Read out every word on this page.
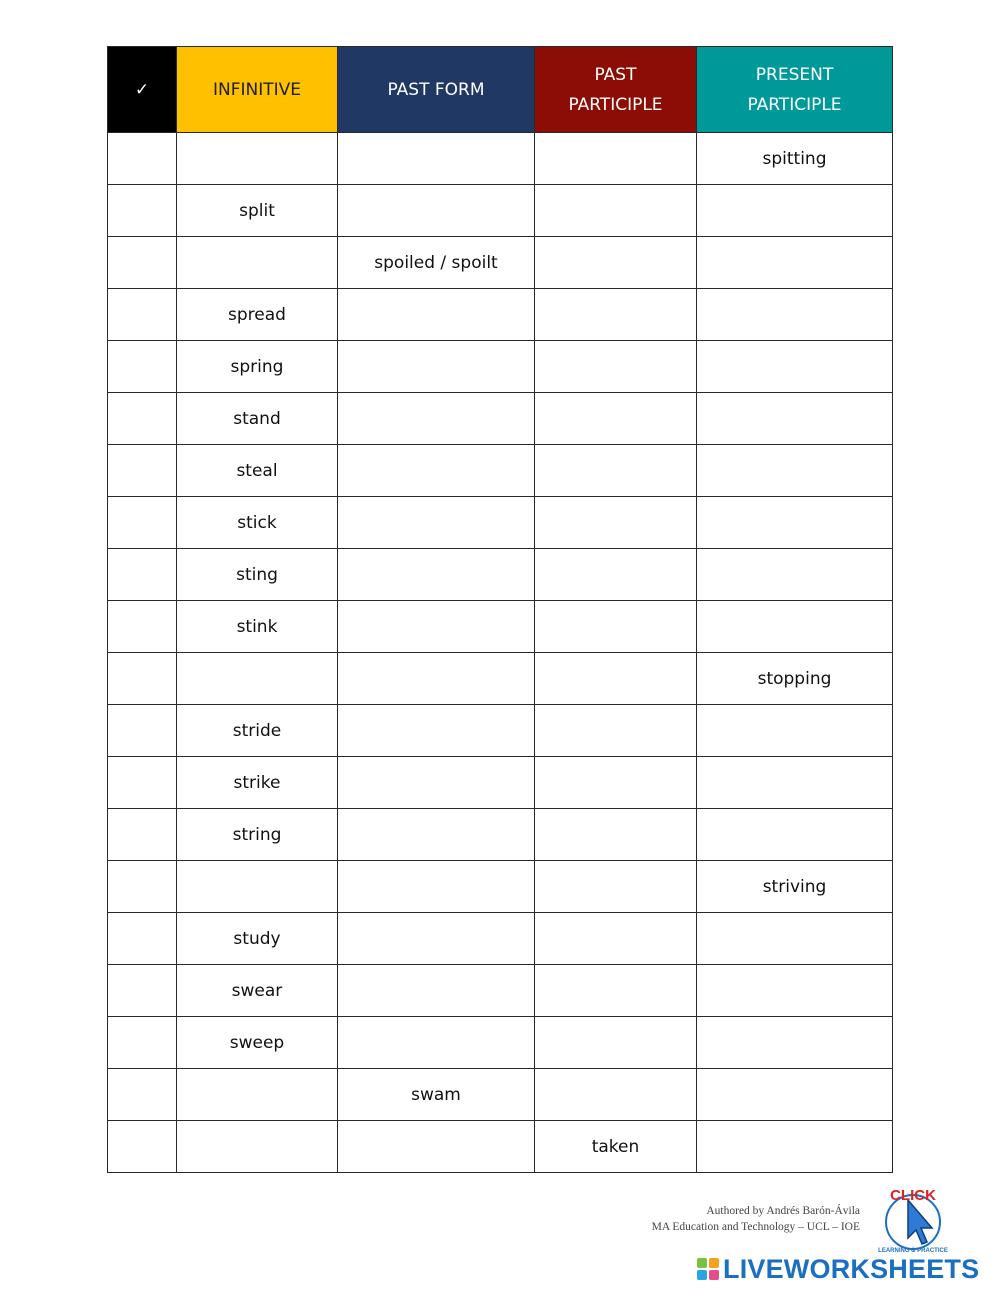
✓	INFINITIVE	PAST FORM	PAST PARTICIPLE	PRESENT PARTICIPLE
				spitting
	split			
		spoiled / spoilt		
	spread			
	spring			
	stand			
	steal			
	stick			
	sting			
	stink			
				stopping
	stride			
	strike			
	string			
				striving
	study			
	swear			
	sweep			
		swam		
			taken	
Authored by Andrés Barón-Ávila
MA Education and Technology – UCL – IOE
CLICK
LEARNING & PRACTICE
LIVEWORKSHEETS
